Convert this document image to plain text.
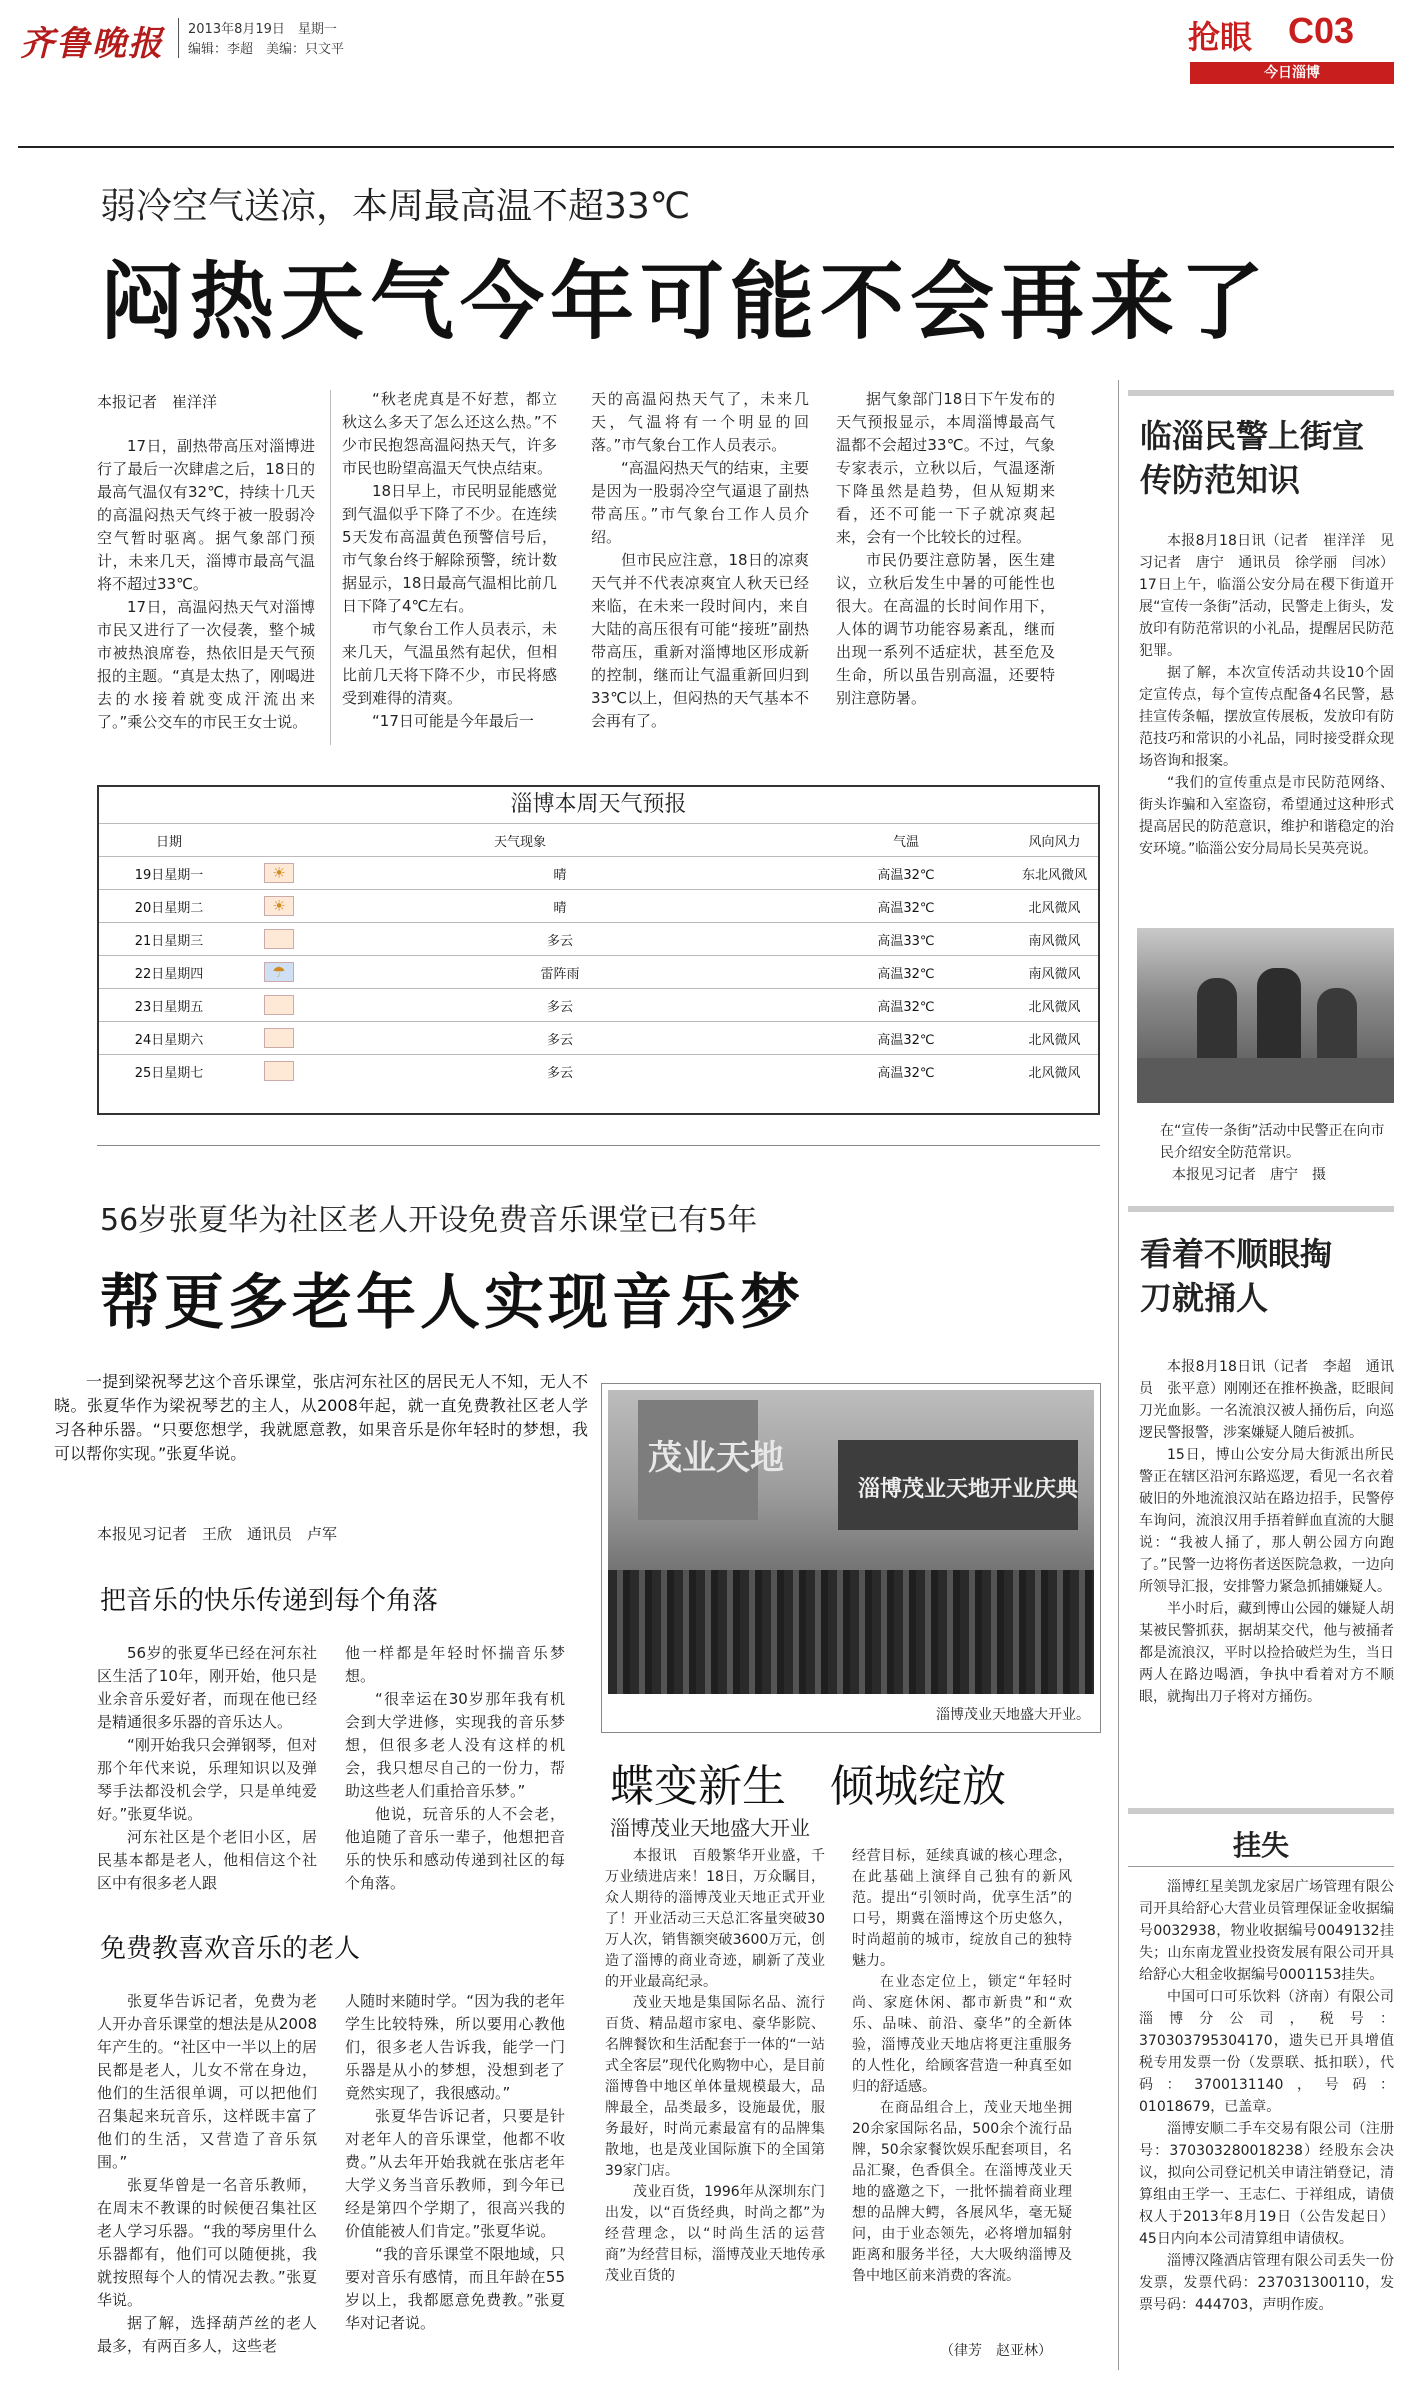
齐鲁晚报 2013年8月19日　星期一
编辑：李超　美编：只文平	抢眼 C03
今日淄博
弱冷空气送凉，本周最高温不超33℃
闷热天气今年可能不会再来了
本报记者　崔洋洋

17日，副热带高压对淄博进行了最后一次肆虐之后，18日的最高气温仅有32℃，持续十几天的高温闷热天气终于被一股弱冷空气暂时驱离。据气象部门预计，未来几天，淄博市最高气温将不超过33℃。

17日，高温闷热天气对淄博市民又进行了一次侵袭，整个城市被热浪席卷，热依旧是天气预报的主题。“真是太热了，刚喝进去的水接着就变成汗流出来了。”乘公交车的市民王女士说。

“秋老虎真是不好惹，都立秋这么多天了怎么还这么热。”不少市民抱怨高温闷热天气，许多市民也盼望高温天气快点结束。

18日早上，市民明显能感觉到气温似乎下降了不少。在连续5天发布高温黄色预警信号后，市气象台终于解除预警，统计数据显示，18日最高气温相比前几日下降了4℃左右。

市气象台工作人员表示，未来几天，气温虽然有起伏，但相比前几天将下降不少，市民将感受到难得的清爽。

“17日可能是今年最后一

天的高温闷热天气了，未来几天，气温将有一个明显的回落。”市气象台工作人员表示。

“高温闷热天气的结束，主要是因为一股弱冷空气逼退了副热带高压。”市气象台工作人员介绍。

但市民应注意，18日的凉爽天气并不代表凉爽宜人秋天已经来临，在未来一段时间内，来自大陆的高压很有可能“接班”副热带高压，重新对淄博地区形成新的控制，继而让气温重新回归到33℃以上，但闷热的天气基本不会再有了。

据气象部门18日下午发布的天气预报显示，本周淄博最高气温都不会超过33℃。不过，气象专家表示，立秋以后，气温逐渐下降虽然是趋势，但从短期来看，还不可能一下子就凉爽起来，会有一个比较长的过程。

市民仍要注意防暑，医生建议，立秋后发生中暑的可能性也很大。在高温的长时间作用下，人体的调节功能容易紊乱，继而出现一系列不适症状，甚至危及生命，所以虽告别高温，还要特别注意防暑。

淄博本周天气预报
日期	天气现象		气温	风向风力
19日星期一	☀	晴	高温32℃	东北风微风
20日星期二	☀	晴	高温32℃	北风微风
21日星期三		多云	高温33℃	南风微风
22日星期四	☂	雷阵雨	高温32℃	南风微风
23日星期五		多云	高温32℃	北风微风
24日星期六		多云	高温32℃	北风微风
25日星期七		多云	高温32℃	北风微风
临淄民警上街宣传防范知识

本报8月18日讯（记者　崔洋洋　见习记者　唐宁　通讯员　徐学丽　闫冰）17日上午，临淄公安分局在稷下街道开展“宣传一条街”活动，民警走上街头，发放印有防范常识的小礼品，提醒居民防范犯罪。

据了解，本次宣传活动共设10个固定宣传点，每个宣传点配备4名民警，悬挂宣传条幅，摆放宣传展板，发放印有防范技巧和常识的小礼品，同时接受群众现场咨询和报案。

“我们的宣传重点是市民防范网络、街头诈骗和入室盗窃，希望通过这种形式提高居民的防范意识，维护和谐稳定的治安环境。”临淄公安分局局长吴英亮说。

在“宣传一条街”活动中民警正在向市民介绍安全防范常识。
本报见习记者　唐宁　摄
看着不顺眼掏刀就捅人

本报8月18日讯（记者　李超　通讯员　张平意）刚刚还在推杯换盏，眨眼间刀光血影。一名流浪汉被人捅伤后，向巡逻民警报警，涉案嫌疑人随后被抓。

15日，博山公安分局大街派出所民警正在辖区沿河东路巡逻，看见一名衣着破旧的外地流浪汉站在路边招手，民警停车询问，流浪汉用手捂着鲜血直流的大腿说：“我被人捅了，那人朝公园方向跑了。”民警一边将伤者送医院急救，一边向所领导汇报，安排警力紧急抓捕嫌疑人。

半小时后，藏到博山公园的嫌疑人胡某被民警抓获，据胡某交代，他与被捅者都是流浪汉，平时以捡拾破烂为生，当日两人在路边喝酒，争执中看着对方不顺眼，就掏出刀子将对方捅伤。

挂失

淄博红星美凯龙家居广场管理有限公司开具给舒心大营业员管理保证金收据编号0032938，物业收据编号0049132挂失；山东南龙置业投资发展有限公司开具给舒心大租金收据编号0001153挂失。

中国可口可乐饮料（济南）有限公司淄博分公司，税号：370303795304170，遗失已开具增值税专用发票一份（发票联、抵扣联），代码：3700131140，号码：01018679，已盖章。

淄博安顺二手车交易有限公司（注册号：370303280018238）经股东会决议，拟向公司登记机关申请注销登记，清算组由王学一、王志仁、于祥组成，请债权人于2013年8月19日（公告发起日）45日内向本公司清算组申请债权。

淄博汉隆酒店管理有限公司丢失一份发票，发票代码：237031300110，发票号码：444703，声明作废。

56岁张夏华为社区老人开设免费音乐课堂已有5年
帮更多老年人实现音乐梦
一提到梁祝琴艺这个音乐课堂，张店河东社区的居民无人不知，无人不晓。张夏华作为梁祝琴艺的主人，从2008年起，就一直免费教社区老人学习各种乐器。“只要您想学，我就愿意教，如果音乐是你年轻时的梦想，我可以帮你实现。”张夏华说。
本报见习记者　王欣　通讯员　卢军
把音乐的快乐传递到每个角落

56岁的张夏华已经在河东社区生活了10年，刚开始，他只是业余音乐爱好者，而现在他已经是精通很多乐器的音乐达人。

“刚开始我只会弹钢琴，但对那个年代来说，乐理知识以及弹琴手法都没机会学，只是单纯爱好。”张夏华说。

河东社区是个老旧小区，居民基本都是老人，他相信这个社区中有很多老人跟

他一样都是年轻时怀揣音乐梦想。

“很幸运在30岁那年我有机会到大学进修，实现我的音乐梦想，但很多老人没有这样的机会，我只想尽自己的一份力，帮助这些老人们重拾音乐梦。”

他说，玩音乐的人不会老，他追随了音乐一辈子，他想把音乐的快乐和感动传递到社区的每个角落。

免费教喜欢音乐的老人

张夏华告诉记者，免费为老人开办音乐课堂的想法是从2008年产生的。“社区中一半以上的居民都是老人，儿女不常在身边，他们的生活很单调，可以把他们召集起来玩音乐，这样既丰富了他们的生活，又营造了音乐氛围。”

张夏华曾是一名音乐教师，在周末不教课的时候便召集社区老人学习乐器。“我的琴房里什么乐器都有，他们可以随便挑，我就按照每个人的情况去教。”张夏华说。

据了解，选择葫芦丝的老人最多，有两百多人，这些老

人随时来随时学。“因为我的老年学生比较特殊，所以要用心教他们，很多老人告诉我，能学一门乐器是从小的梦想，没想到老了竟然实现了，我很感动。”

张夏华告诉记者，只要是针对老年人的音乐课堂，他都不收费。”从去年开始我就在张店老年大学义务当音乐教师，到今年已经是第四个学期了，很高兴我的价值能被人们肯定。”张夏华说。

“我的音乐课堂不限地域，只要对音乐有感情，而且年龄在55岁以上，我都愿意免费教。”张夏华对记者说。

茂业天地
淄博茂业天地开业庆典
淄博茂业天地盛大开业。
蝶变新生　倾城绽放
淄博茂业天地盛大开业

本报讯　百般繁华开业盛，千万业绩进店来！18日，万众瞩目，众人期待的淄博茂业天地正式开业了！开业活动三天总汇客量突破30万人次，销售额突破3600万元，创造了淄博的商业奇迹，刷新了茂业的开业最高纪录。

茂业天地是集国际名品、流行百货、精品超市家电、豪华影院、名牌餐饮和生活配套于一体的“一站式全客层”现代化购物中心，是目前淄博鲁中地区单体量规模最大，品牌最全，品类最多，设施最优，服务最好，时尚元素最富有的品牌集散地，也是茂业国际旗下的全国第39家门店。

茂业百货，1996年从深圳东门出发，以“百货经典，时尚之都”为经营理念，以“时尚生活的运营商”为经营目标，淄博茂业天地传承茂业百货的

经营目标，延续真诚的核心理念，在此基础上演绎自己独有的新风范。提出“引领时尚，优享生活”的口号，期冀在淄博这个历史悠久，时尚超前的城市，绽放自己的独特魅力。

在业态定位上，锁定“年轻时尚、家庭休闲、都市新贵”和“欢乐、品味、前沿、豪华”的全新体验，淄博茂业天地店将更注重服务的人性化，给顾客营造一种真至如归的舒适感。

在商品组合上，茂业天地坐拥20余家国际名品，500余个流行品牌，50余家餐饮娱乐配套项目，名品汇聚，色香俱全。在淄博茂业天地的盛邀之下，一批怀揣着商业理想的品牌大鳄，各展风华，毫无疑问，由于业态领先，必将增加辐射距离和服务半径，大大吸纳淄博及鲁中地区前来消费的客流。

（律芳　赵亚林）
